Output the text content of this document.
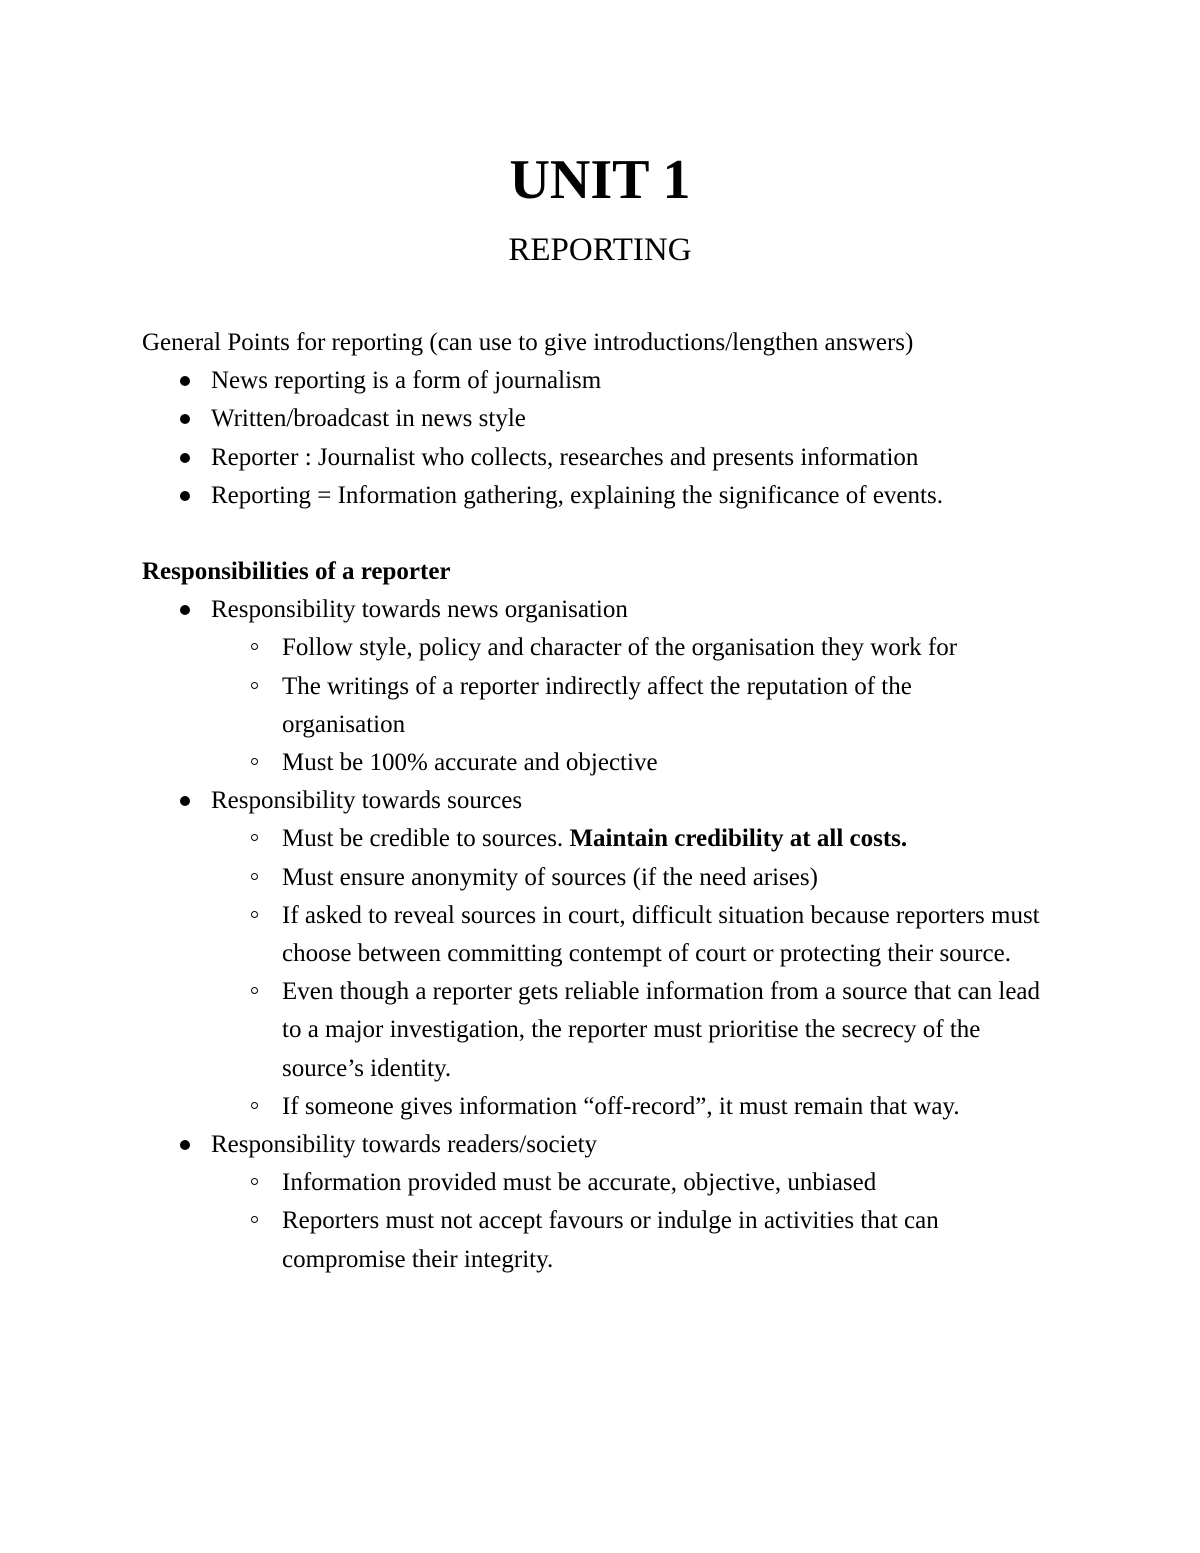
UNIT 1
REPORTING

General Points for reporting (can use to give introductions/lengthen answers)

News reporting is a form of journalism
Written/broadcast in news style
Reporter : Journalist who collects, researches and presents information
Reporting = Information gathering, explaining the significance of events.

Responsibilities of a reporter

Responsibility towards news organisation
Follow style, policy and character of the organisation they work for
The writings of a reporter indirectly affect the reputation of the organisation
Must be 100% accurate and objective
Responsibility towards sources
Must be credible to sources. Maintain credibility at all costs.
Must ensure anonymity of sources (if the need arises)
If asked to reveal sources in court, difficult situation because reporters must choose between committing contempt of court or protecting their source.
Even though a reporter gets reliable information from a source that can lead to a major investigation, the reporter must prioritise the secrecy of the source’s identity.
If someone gives information “off-record”, it must remain that way.
Responsibility towards readers/society
Information provided must be accurate, objective, unbiased
Reporters must not accept favours or indulge in activities that can compromise their integrity.
